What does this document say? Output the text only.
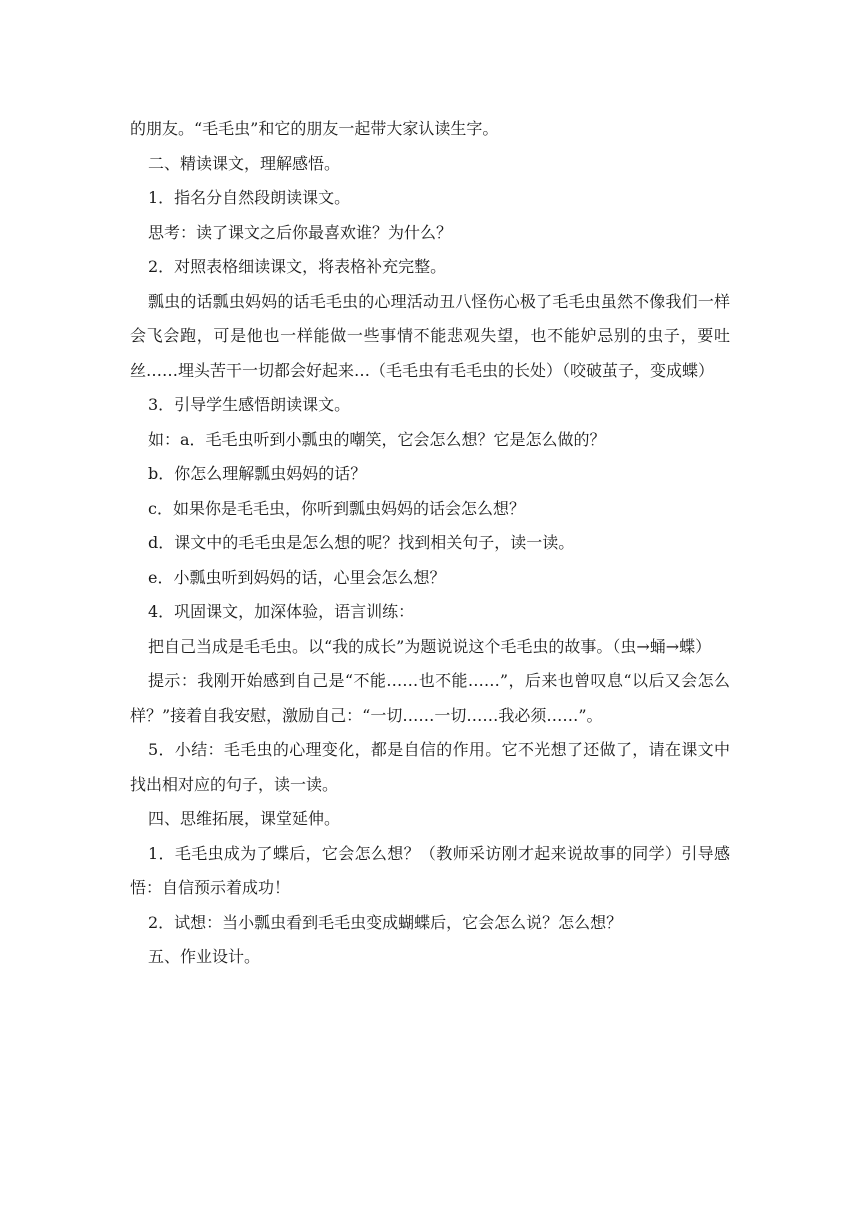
的朋友。“毛毛虫”和它的朋友一起带大家认读生字。

二、精读课文，理解感悟。

1．指名分自然段朗读课文。

思考：读了课文之后你最喜欢谁？为什么？

2．对照表格细读课文，将表格补充完整。

瓢虫的话瓢虫妈妈的话毛毛虫的心理活动丑八怪伤心极了毛毛虫虽然不像我们一样会飞会跑，可是他也一样能做一些事情不能悲观失望，也不能妒忌别的虫子，要吐丝……埋头苦干一切都会好起来…（毛毛虫有毛毛虫的长处）（咬破茧子，变成蝶）

3．引导学生感悟朗读课文。

如：a．毛毛虫听到小瓢虫的嘲笑，它会怎么想？它是怎么做的？

b．你怎么理解瓢虫妈妈的话？

c．如果你是毛毛虫，你听到瓢虫妈妈的话会怎么想？

d．课文中的毛毛虫是怎么想的呢？找到相关句子，读一读。

e．小瓢虫听到妈妈的话，心里会怎么想？

4．巩固课文，加深体验，语言训练：

把自己当成是毛毛虫。以“我的成长”为题说说这个毛毛虫的故事。（虫→蛹→蝶）

提示：我刚开始感到自己是“不能……也不能……”，后来也曾叹息“以后又会怎么样？”接着自我安慰，激励自己：“一切……一切……我必须……”。

5．小结：毛毛虫的心理变化，都是自信的作用。它不光想了还做了，请在课文中找出相对应的句子，读一读。

四、思维拓展，课堂延伸。

1．毛毛虫成为了蝶后，它会怎么想？（教师采访刚才起来说故事的同学）引导感悟：自信预示着成功！

2．试想：当小瓢虫看到毛毛虫变成蝴蝶后，它会怎么说？怎么想？

五、作业设计。
